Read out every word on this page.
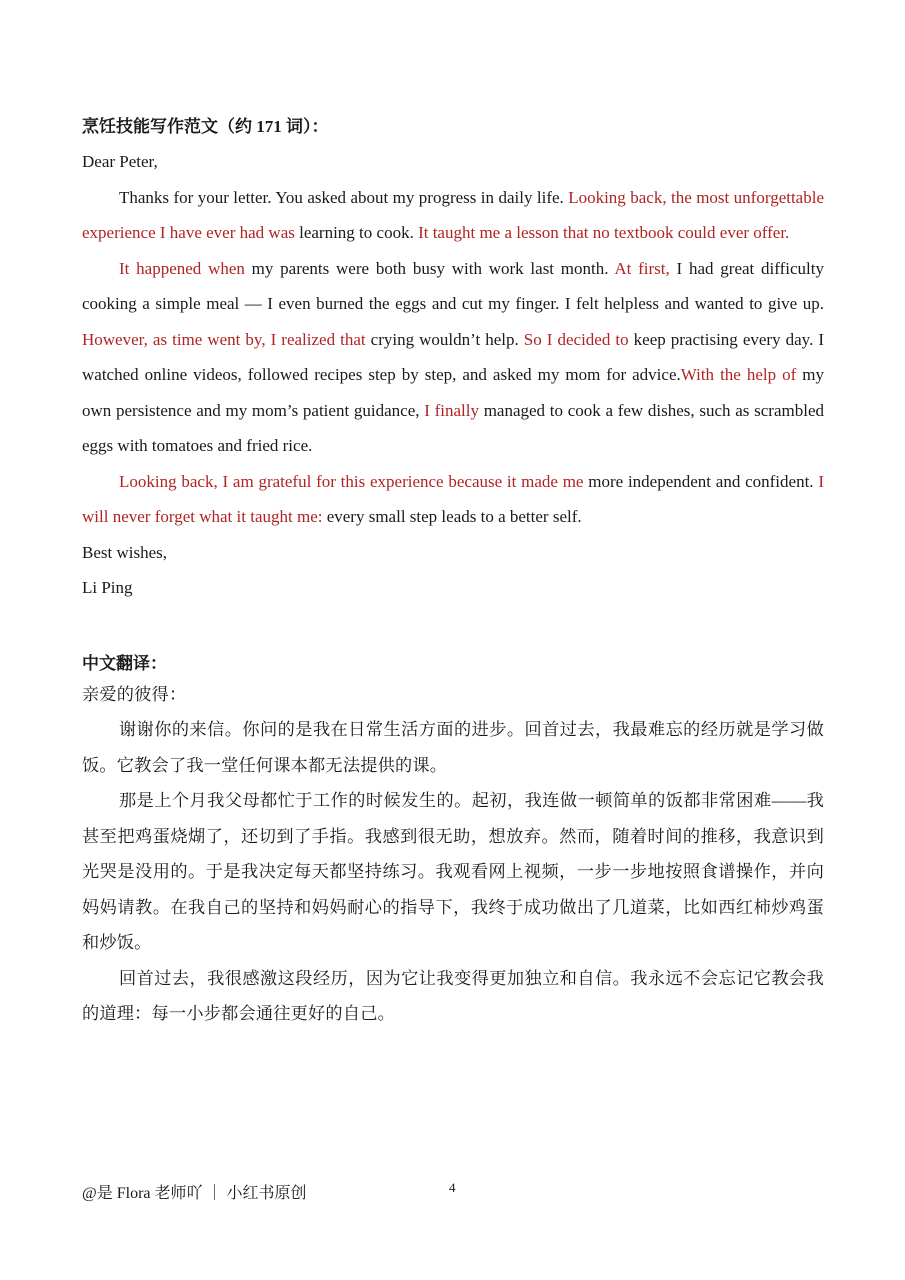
烹饪技能写作范文（约 171 词）：

Dear Peter,

Thanks for your letter. You asked about my progress in daily life. Looking back, the most unforgettable experience I have ever had was learning to cook. It taught me a lesson that no textbook could ever offer.

It happened when my parents were both busy with work last month. At first, I had great difficulty cooking a simple meal — I even burned the eggs and cut my finger. I felt helpless and wanted to give up. However, as time went by, I realized that crying wouldn’t help. So I decided to keep practising every day. I watched online videos, followed recipes step by step, and asked my mom for advice.With the help of my own persistence and my mom’s patient guidance, I finally managed to cook a few dishes, such as scrambled eggs with tomatoes and fried rice.

Looking back, I am grateful for this experience because it made me more independent and confident. I will never forget what it taught me: every small step leads to a better self.

Best wishes,

Li Ping

中文翻译：

亲爱的彼得：

谢谢你的来信。你问的是我在日常生活方面的进步。回首过去，我最难忘的经历就是学习做饭。它教会了我一堂任何课本都无法提供的课。

那是上个月我父母都忙于工作的时候发生的。起初，我连做一顿简单的饭都非常困难——我甚至把鸡蛋烧煳了，还切到了手指。我感到很无助，想放弃。然而，随着时间的推移，我意识到光哭是没用的。于是我决定每天都坚持练习。我观看网上视频，一步一步地按照食谱操作，并向妈妈请教。在我自己的坚持和妈妈耐心的指导下，我终于成功做出了几道菜，比如西红柿炒鸡蛋和炒饭。

回首过去，我很感激这段经历，因为它让我变得更加独立和自信。我永远不会忘记它教会我的道理：每一小步都会通往更好的自己。

@是 Flora 老师吖 ｜ 小红书原创	4
